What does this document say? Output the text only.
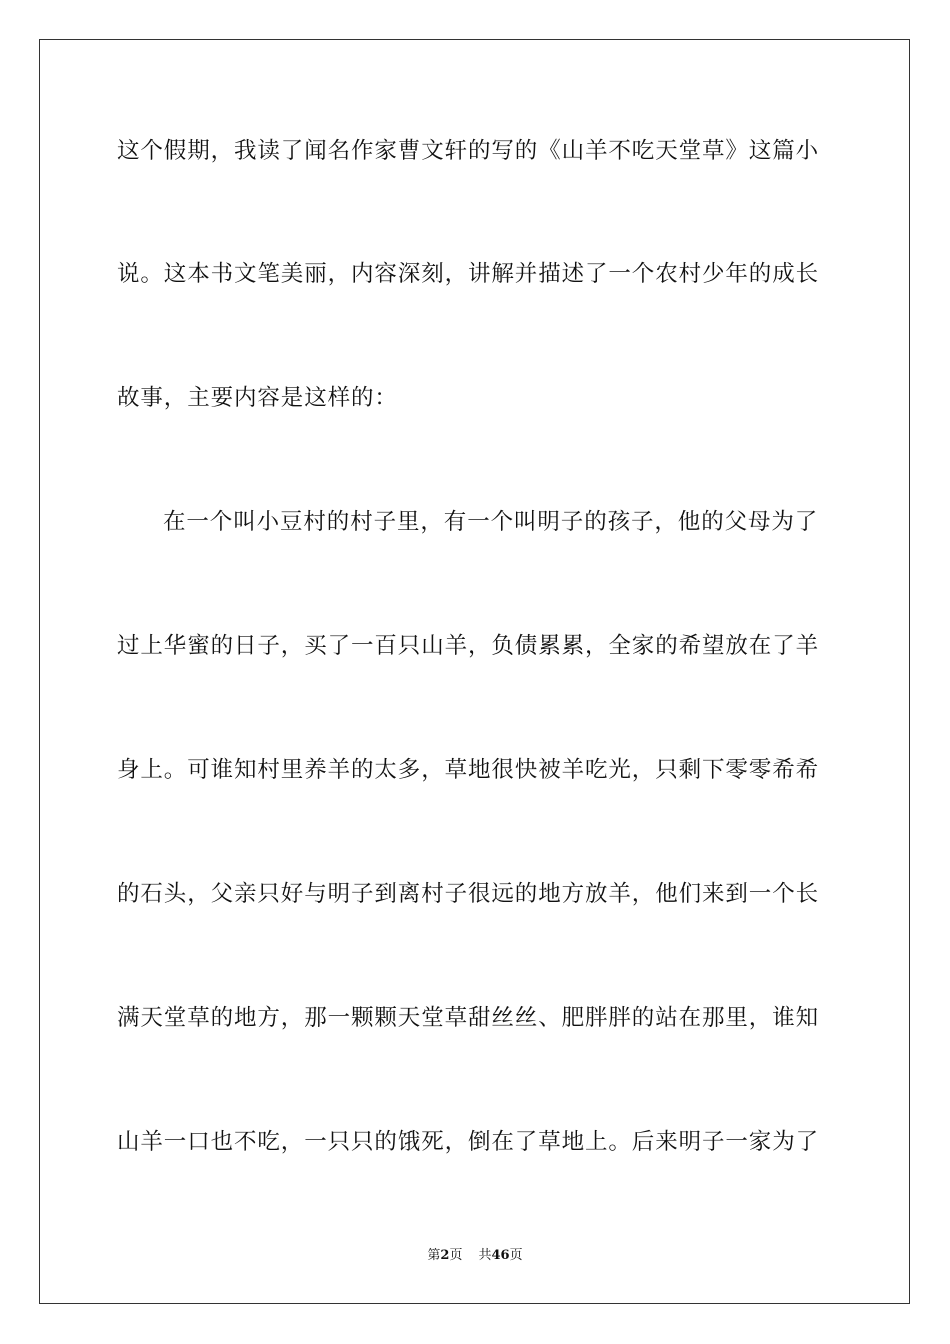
这个假期，我读了闻名作家曹文轩的写的《山羊不吃天堂草》这篇小
说。这本书文笔美丽，内容深刻，讲解并描述了一个农村少年的成长
故事，主要内容是这样的：
在一个叫小豆村的村子里，有一个叫明子的孩子，他的父母为了
过上华蜜的日子，买了一百只山羊，负债累累，全家的希望放在了羊
身上。可谁知村里养羊的太多，草地很快被羊吃光，只剩下零零希希
的石头，父亲只好与明子到离村子很远的地方放羊，他们来到一个长
满天堂草的地方，那一颗颗天堂草甜丝丝、肥胖胖的站在那里，谁知
山羊一口也不吃，一只只的饿死，倒在了草地上。后来明子一家为了
第2页 共46页
